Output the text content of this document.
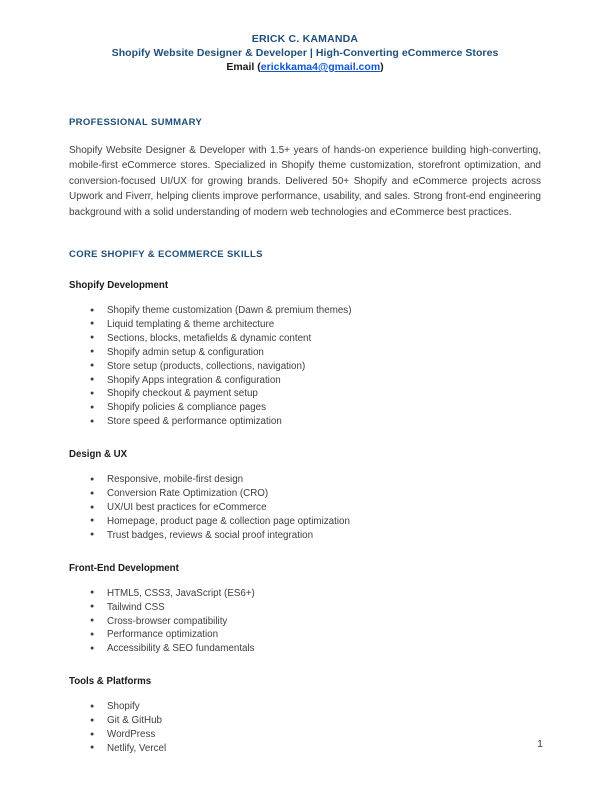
ERICK C. KAMANDA
Shopify Website Designer & Developer | High-Converting eCommerce Stores
Email (erickkama4@gmail.com)
PROFESSIONAL SUMMARY
Shopify Website Designer & Developer with 1.5+ years of hands-on experience building high-converting, mobile-first eCommerce stores. Specialized in Shopify theme customization, storefront optimization, and conversion-focused UI/UX for growing brands. Delivered 50+ Shopify and eCommerce projects across Upwork and Fiverr, helping clients improve performance, usability, and sales. Strong front-end engineering background with a solid understanding of modern web technologies and eCommerce best practices.
CORE SHOPIFY & ECOMMERCE SKILLS
Shopify Development
● Shopify theme customization (Dawn & premium themes)
● Liquid templating & theme architecture
● Sections, blocks, metafields & dynamic content
● Shopify admin setup & configuration
● Store setup (products, collections, navigation)
● Shopify Apps integration & configuration
● Shopify checkout & payment setup
● Shopify policies & compliance pages
● Store speed & performance optimization
Design & UX
● Responsive, mobile-first design
● Conversion Rate Optimization (CRO)
● UX/UI best practices for eCommerce
● Homepage, product page & collection page optimization
● Trust badges, reviews & social proof integration
Front-End Development
● HTML5, CSS3, JavaScript (ES6+)
● Tailwind CSS
● Cross-browser compatibility
● Performance optimization
● Accessibility & SEO fundamentals
Tools & Platforms
● Shopify
● Git & GitHub
● WordPress
● Netlify, Vercel	1
